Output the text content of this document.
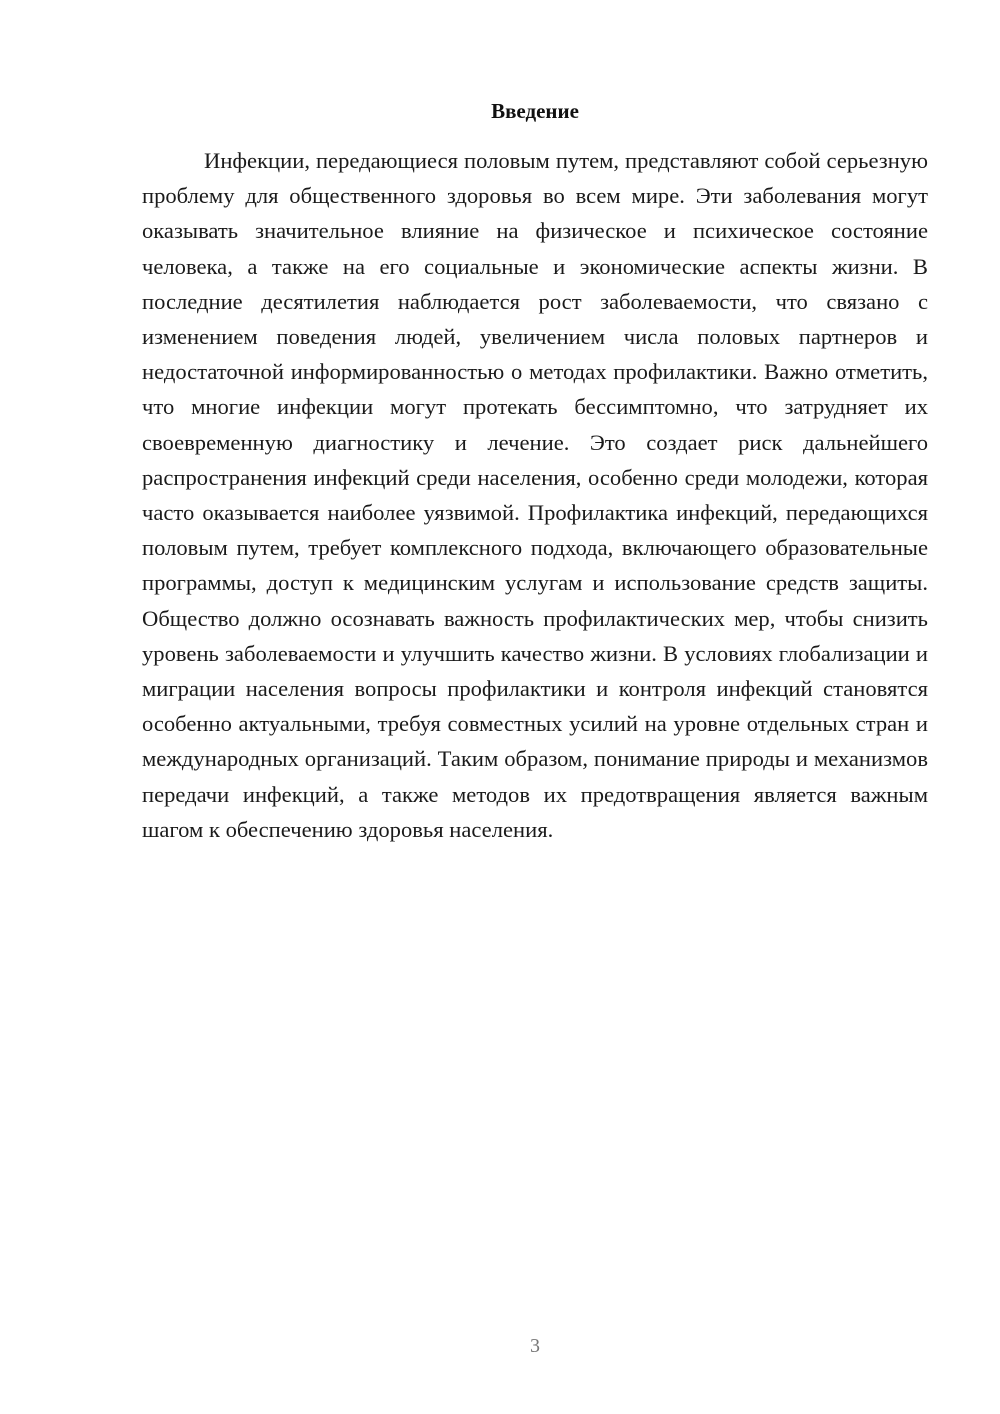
Введение

Инфекции, передающиеся половым путем, представляют собой серьезную проблему для общественного здоровья во всем мире. Эти заболевания могут оказывать значительное влияние на физическое и психическое состояние человека, а также на его социальные и экономические аспекты жизни. В последние десятилетия наблюдается рост заболеваемости, что связано с изменением поведения людей, увеличением числа половых партнеров и недостаточной информированностью о методах профилактики. Важно отметить, что многие инфекции могут протекать бессимптомно, что затрудняет их своевременную диагностику и лечение. Это создает риск дальнейшего распространения инфекций среди населения, особенно среди молодежи, которая часто оказывается наиболее уязвимой. Профилактика инфекций, передающихся половым путем, требует комплексного подхода, включающего образовательные программы, доступ к медицинским услугам и использование средств защиты. Общество должно осознавать важность профилактических мер, чтобы снизить уровень заболеваемости и улучшить качество жизни. В условиях глобализации и миграции населения вопросы профилактики и контроля инфекций становятся особенно актуальными, требуя совместных усилий на уровне отдельных стран и международных организаций. Таким образом, понимание природы и механизмов передачи инфекций, а также методов их предотвращения является важным шагом к обеспечению здоровья населения.

3
